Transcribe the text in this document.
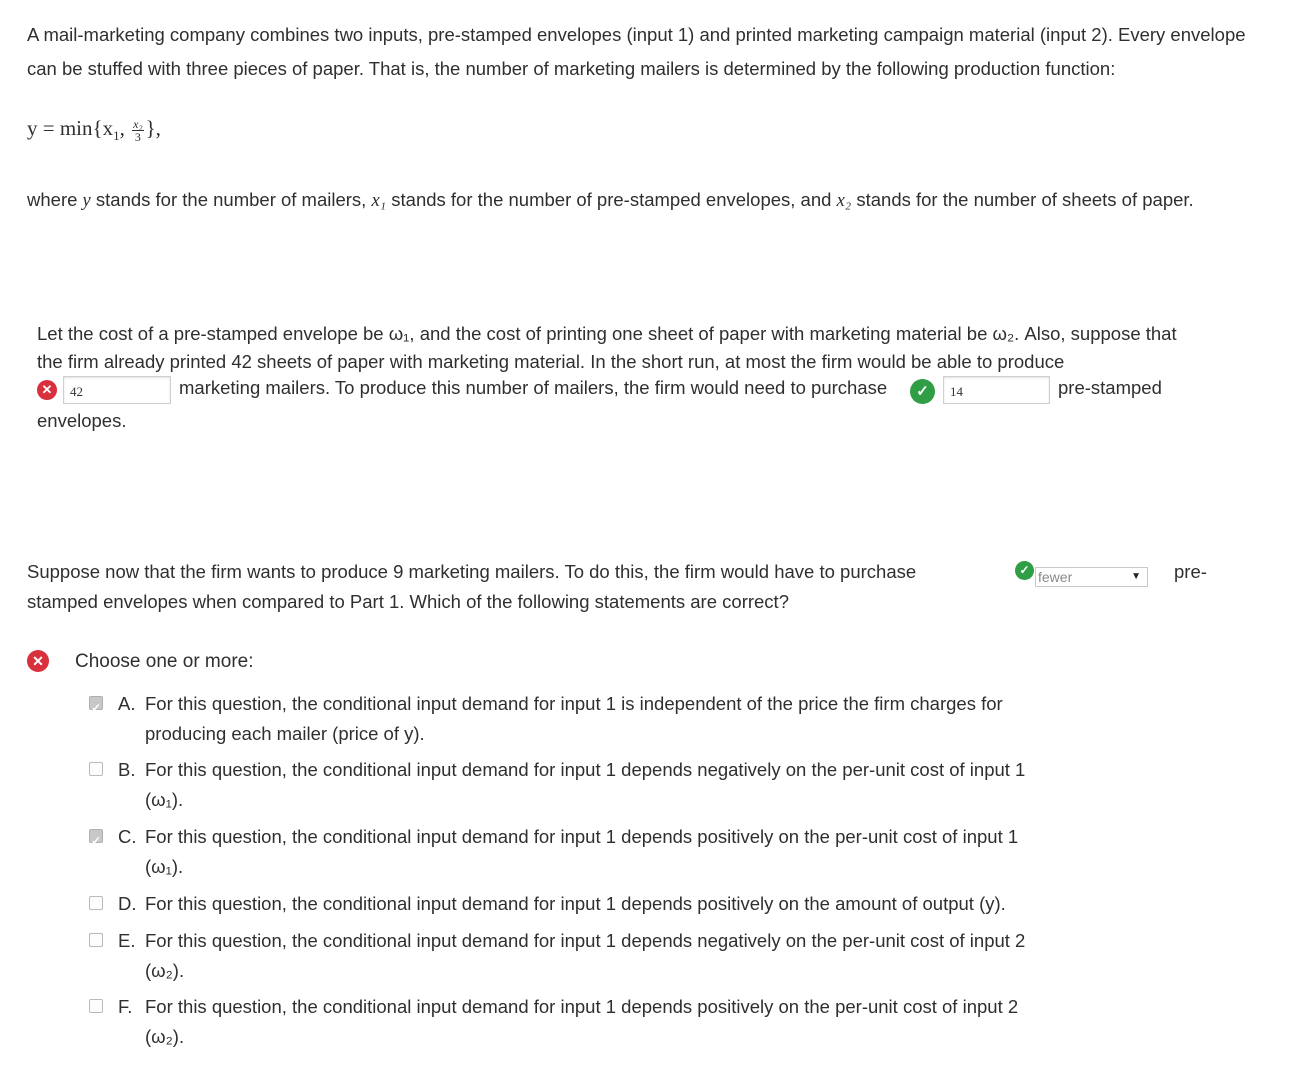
A mail-marketing company combines two inputs, pre-stamped envelopes (input 1) and printed marketing campaign material (input 2). Every envelope can be stuffed with three pieces of paper. That is, the number of marketing mailers is determined by the following production function:

$y = \min\{x_1$, $\frac{\text{x₂}}{3}$ },

where y stands for the number of mailers, x₁ stands for the number of pre-stamped envelopes, and x₂ stands for the number of sheets of paper.

Let the cost of a pre-stamped envelope be ω₁, and the cost of printing one sheet of paper with marketing material be ω₂. Also, suppose that the firm already printed 42 sheets of paper with marketing material. In the short run, at most the firm would be able to produce

✕	42	marketing mailers. To produce this number of mailers, the firm would need to purchase	✓	14	pre-stamped

envelopes.

Suppose now that the firm wants to produce 9 marketing mailers. To do this, the firm would have to purchase	✓ fewer	▼ pre-
stamped envelopes when compared to Part 1. Which of the following statements are correct?
✕ Choose one or more:
✓
A. For this question, the conditional input demand for input 1 is independent of the price the firm charges for
producing each mailer (price of y).
B. For this question, the conditional input demand for input 1 depends negatively on the per-unit cost of input 1
(ω₁).
✓
C. For this question, the conditional input demand for input 1 depends positively on the per-unit cost of input 1
(ω₁).
D. For this question, the conditional input demand for input 1 depends positively on the amount of output (y).
E. For this question, the conditional input demand for input 1 depends negatively on the per-unit cost of input 2
(ω₂).
F. For this question, the conditional input demand for input 1 depends positively on the per-unit cost of input 2
(ω₂).
